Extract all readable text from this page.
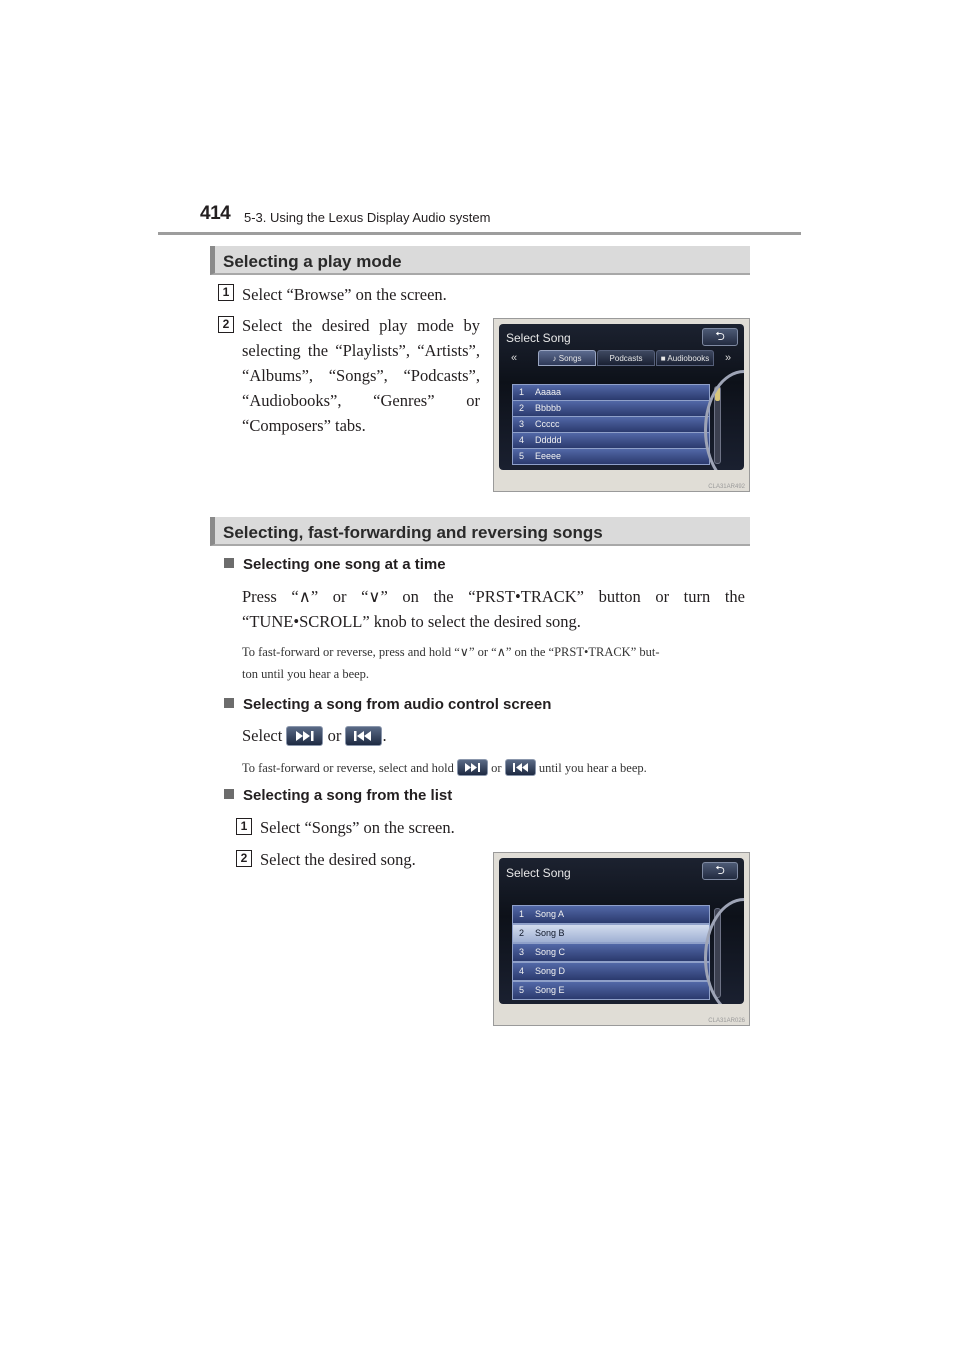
414 5-3. Using the Lexus Display Audio system
Selecting a play mode
1 Select “Browse” on the screen.
2 Select the desired play mode by
selecting the “Playlists”, “Artists”,
“Albums”, “Songs”, “Podcasts”,
“Audiobooks”, “Genres” or
“Composers” tabs.
Select Song	⮌
«	♪ Songs	Podcasts	■ Audiobooks	»
1 Aaaaa
2 Bbbbb
3 Ccccc
4 Ddddd
5 Eeeee
CLA31AR492
Selecting, fast-forwarding and reversing songs
Selecting one song at a time
Press “∧” or “∨” on the “PRST•TRACK” button or turn the
“TUNE•SCROLL” knob to select the desired song.
To fast-forward or reverse, press and hold “∨” or “∧” on the “PRST•TRACK” but-
ton until you hear a beep.
Selecting a song from audio control screen
Select	or .
To fast-forward or reverse, select and hold	or	until you hear a beep.
Selecting a song from the list
1 Select “Songs” on the screen.
2 Select the desired song.
Select Song	⮌
1 Song A
2 Song B
3 Song C
4 Song D
5 Song E
CLA31AR026
